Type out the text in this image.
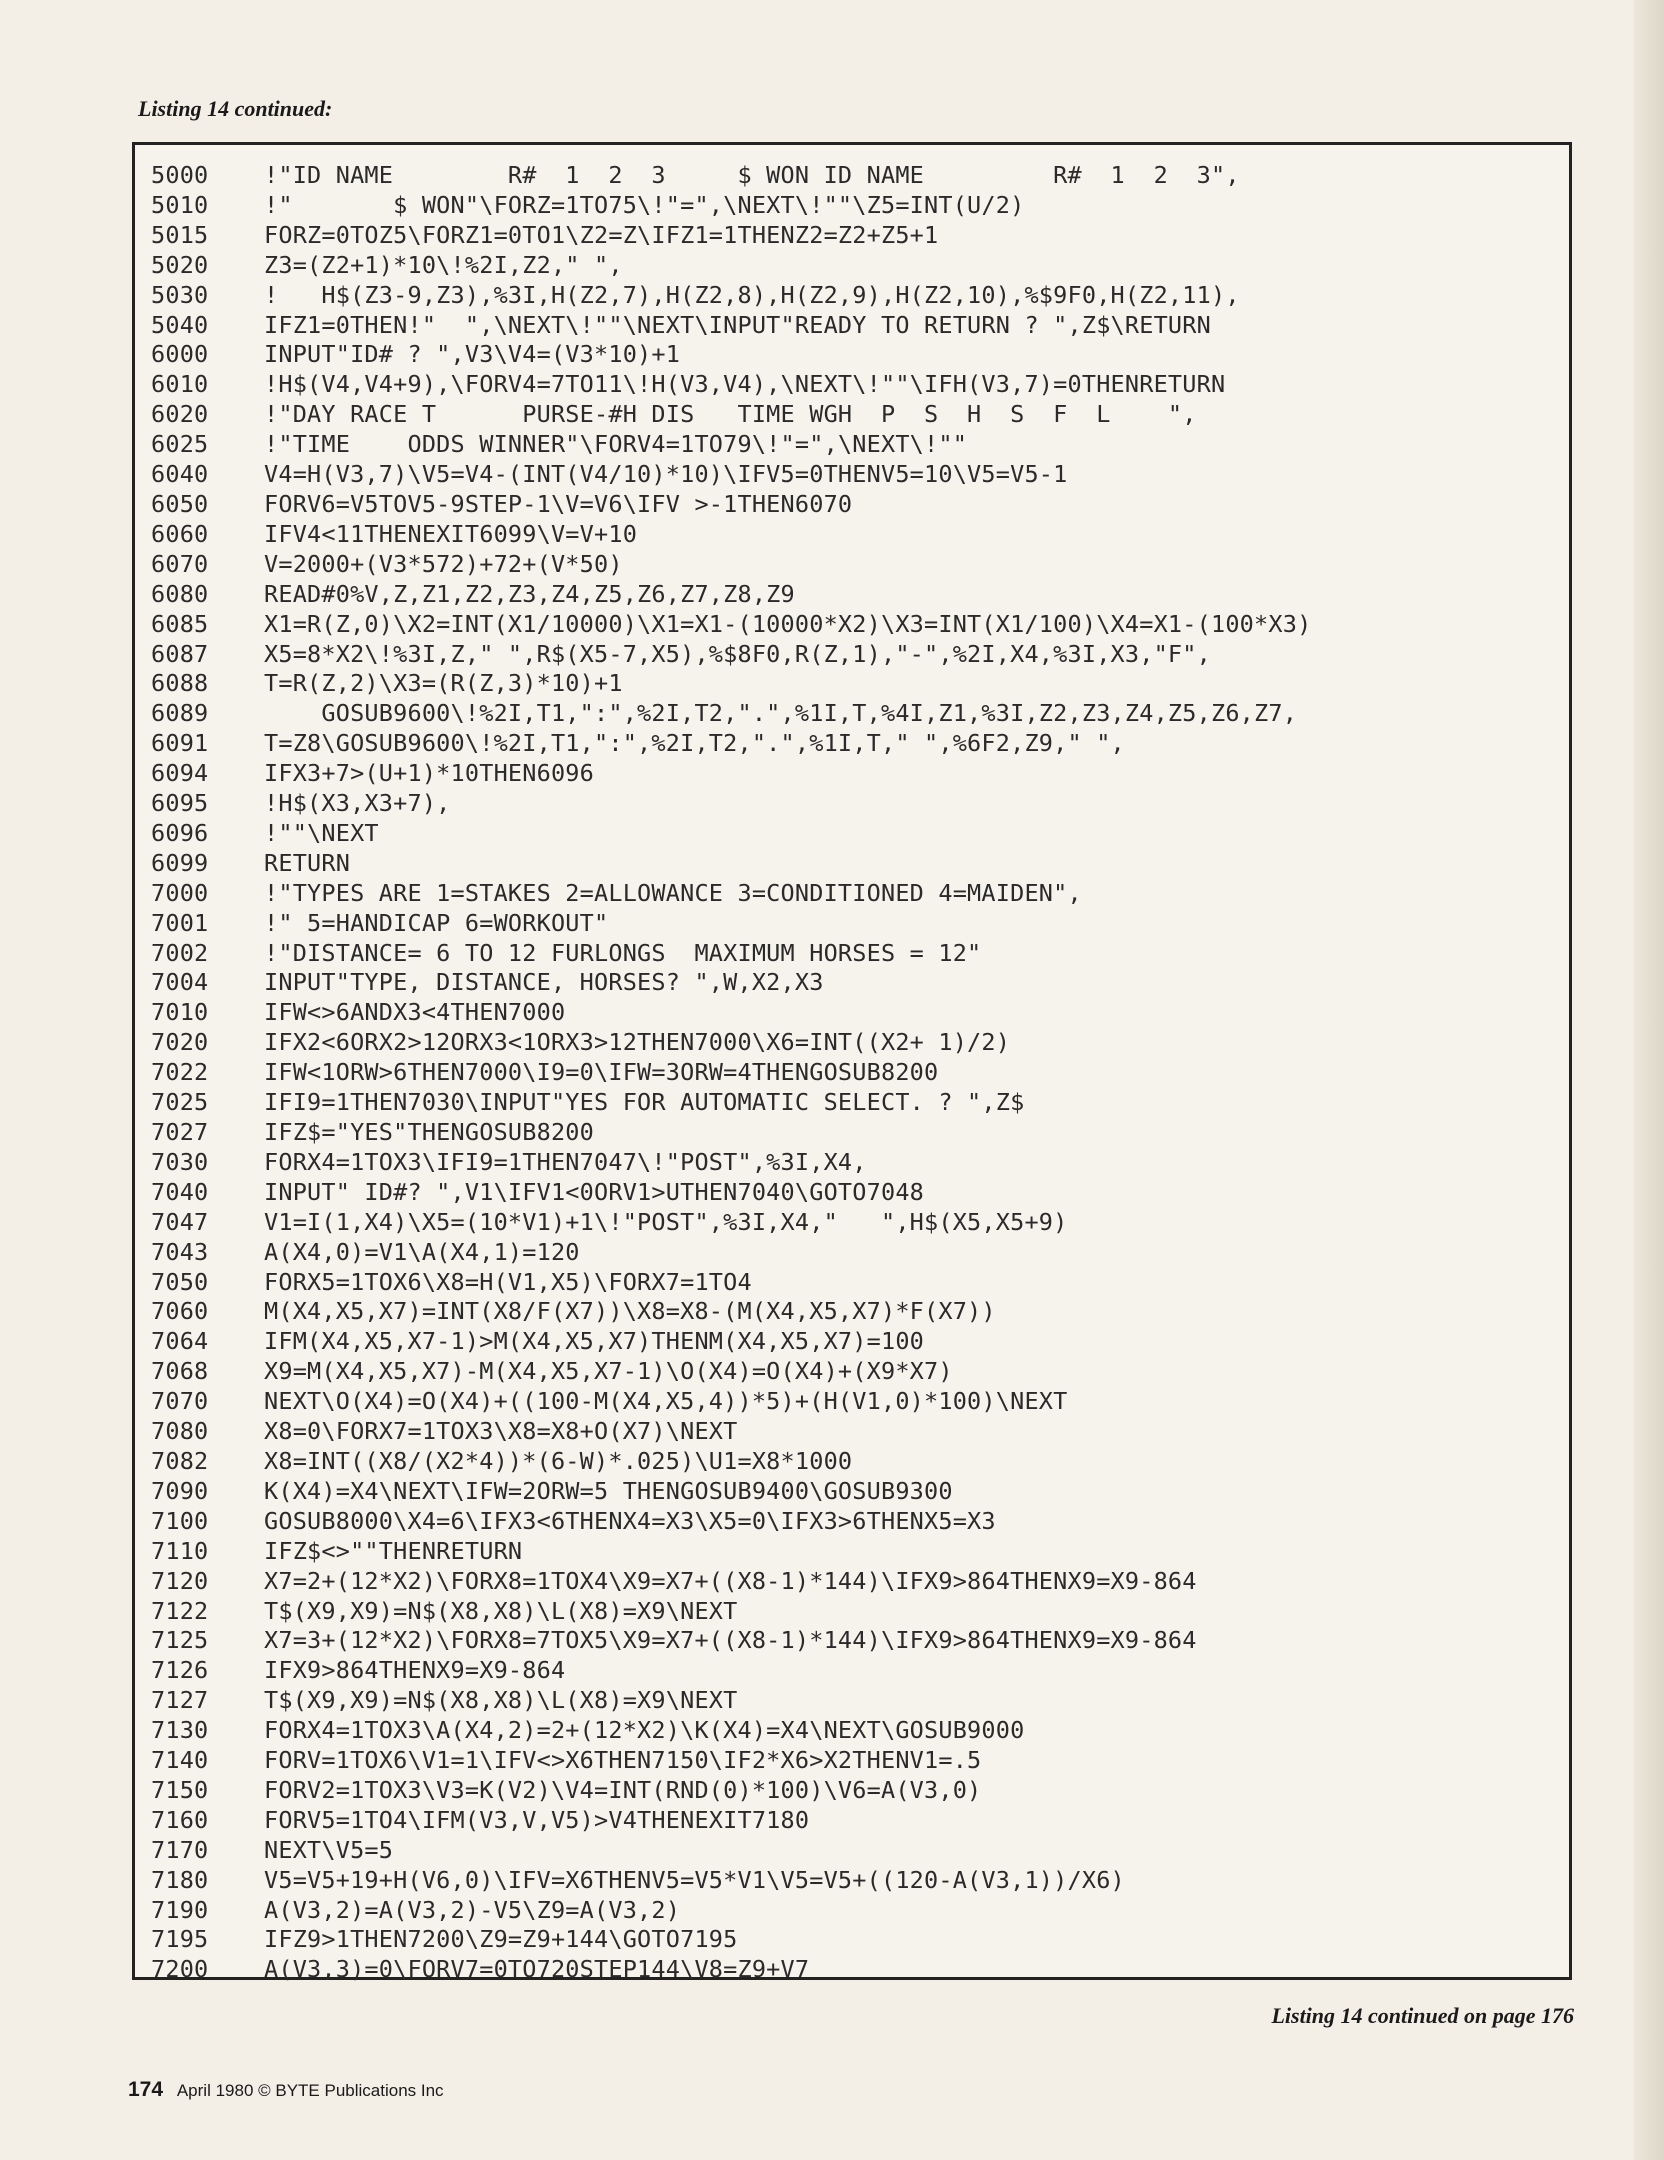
Listing 14 continued:
5000	!"ID NAME        R#  1  2  3     $ WON ID NAME         R#  1  2  3",
5010	!"       $ WON"\FORZ=1TO75\!"=",\NEXT\!""\Z5=INT(U/2)
5015	FORZ=0TOZ5\FORZ1=0TO1\Z2=Z\IFZ1=1THENZ2=Z2+Z5+1
5020	Z3=(Z2+1)*10\!%2I,Z2," ",
5030	!   H$(Z3-9,Z3),%3I,H(Z2,7),H(Z2,8),H(Z2,9),H(Z2,10),%$9F0,H(Z2,11),
5040	IFZ1=0THEN!"  ",\NEXT\!""\NEXT\INPUT"READY TO RETURN ? ",Z$\RETURN
6000	INPUT"ID# ? ",V3\V4=(V3*10)+1
6010	!H$(V4,V4+9),\FORV4=7TO11\!H(V3,V4),\NEXT\!""\IFH(V3,7)=0THENRETURN
6020	!"DAY RACE T      PURSE-#H DIS   TIME WGH  P  S  H  S  F  L    ",
6025	!"TIME    ODDS WINNER"\FORV4=1TO79\!"=",\NEXT\!""
6040	V4=H(V3,7)\V5=V4-(INT(V4/10)*10)\IFV5=0THENV5=10\V5=V5-1
6050	FORV6=V5TOV5-9STEP-1\V=V6\IFV >-1THEN6070
6060	IFV4<11THENEXIT6099\V=V+10
6070	V=2000+(V3*572)+72+(V*50)
6080	READ#0%V,Z,Z1,Z2,Z3,Z4,Z5,Z6,Z7,Z8,Z9
6085	X1=R(Z,0)\X2=INT(X1/10000)\X1=X1-(10000*X2)\X3=INT(X1/100)\X4=X1-(100*X3)
6087	X5=8*X2\!%3I,Z," ",R$(X5-7,X5),%$8F0,R(Z,1),"-",%2I,X4,%3I,X3,"F",
6088	T=R(Z,2)\X3=(R(Z,3)*10)+1
6089	GOSUB9600\!%2I,T1,":",%2I,T2,".",%1I,T,%4I,Z1,%3I,Z2,Z3,Z4,Z5,Z6,Z7,
6091	T=Z8\GOSUB9600\!%2I,T1,":",%2I,T2,".",%1I,T," ",%6F2,Z9," ",
6094	IFX3+7>(U+1)*10THEN6096
6095	!H$(X3,X3+7),
6096	!""\NEXT
6099	RETURN
7000	!"TYPES ARE 1=STAKES 2=ALLOWANCE 3=CONDITIONED 4=MAIDEN",
7001	!" 5=HANDICAP 6=WORKOUT"
7002	!"DISTANCE= 6 TO 12 FURLONGS  MAXIMUM HORSES = 12"
7004	INPUT"TYPE, DISTANCE, HORSES? ",W,X2,X3
7010	IFW<>6ANDX3<4THEN7000
7020	IFX2<6ORX2>12ORX3<1ORX3>12THEN7000\X6=INT((X2+ 1)/2)
7022	IFW<1ORW>6THEN7000\I9=0\IFW=3ORW=4THENGOSUB8200
7025	IFI9=1THEN7030\INPUT"YES FOR AUTOMATIC SELECT. ? ",Z$
7027	IFZ$="YES"THENGOSUB8200
7030	FORX4=1TOX3\IFI9=1THEN7047\!"POST",%3I,X4,
7040	INPUT" ID#? ",V1\IFV1<0ORV1>UTHEN7040\GOTO7048
7047	V1=I(1,X4)\X5=(10*V1)+1\!"POST",%3I,X4,"   ",H$(X5,X5+9)
7043	A(X4,0)=V1\A(X4,1)=120
7050	FORX5=1TOX6\X8=H(V1,X5)\FORX7=1TO4
7060	M(X4,X5,X7)=INT(X8/F(X7))\X8=X8-(M(X4,X5,X7)*F(X7))
7064	IFM(X4,X5,X7-1)>M(X4,X5,X7)THENM(X4,X5,X7)=100
7068	X9=M(X4,X5,X7)-M(X4,X5,X7-1)\O(X4)=O(X4)+(X9*X7)
7070	NEXT\O(X4)=O(X4)+((100-M(X4,X5,4))*5)+(H(V1,0)*100)\NEXT
7080	X8=0\FORX7=1TOX3\X8=X8+O(X7)\NEXT
7082	X8=INT((X8/(X2*4))*(6-W)*.025)\U1=X8*1000
7090	K(X4)=X4\NEXT\IFW=2ORW=5 THENGOSUB9400\GOSUB9300
7100	GOSUB8000\X4=6\IFX3<6THENX4=X3\X5=0\IFX3>6THENX5=X3
7110	IFZ$<>""THENRETURN
7120	X7=2+(12*X2)\FORX8=1TOX4\X9=X7+((X8-1)*144)\IFX9>864THENX9=X9-864
7122	T$(X9,X9)=N$(X8,X8)\L(X8)=X9\NEXT
7125	X7=3+(12*X2)\FORX8=7TOX5\X9=X7+((X8-1)*144)\IFX9>864THENX9=X9-864
7126	IFX9>864THENX9=X9-864
7127	T$(X9,X9)=N$(X8,X8)\L(X8)=X9\NEXT
7130	FORX4=1TOX3\A(X4,2)=2+(12*X2)\K(X4)=X4\NEXT\GOSUB9000
7140	FORV=1TOX6\V1=1\IFV<>X6THEN7150\IF2*X6>X2THENV1=.5
7150	FORV2=1TOX3\V3=K(V2)\V4=INT(RND(0)*100)\V6=A(V3,0)
7160	FORV5=1TO4\IFM(V3,V,V5)>V4THENEXIT7180
7170	NEXT\V5=5
7180	V5=V5+19+H(V6,0)\IFV=X6THENV5=V5*V1\V5=V5+((120-A(V3,1))/X6)
7190	A(V3,2)=A(V3,2)-V5\Z9=A(V3,2)
7195	IFZ9>1THEN7200\Z9=Z9+144\GOTO7195
7200	A(V3,3)=0\FORV7=0TO720STEP144\V8=Z9+V7
Listing 14 continued on page 176
174 April 1980 © BYTE Publications Inc
